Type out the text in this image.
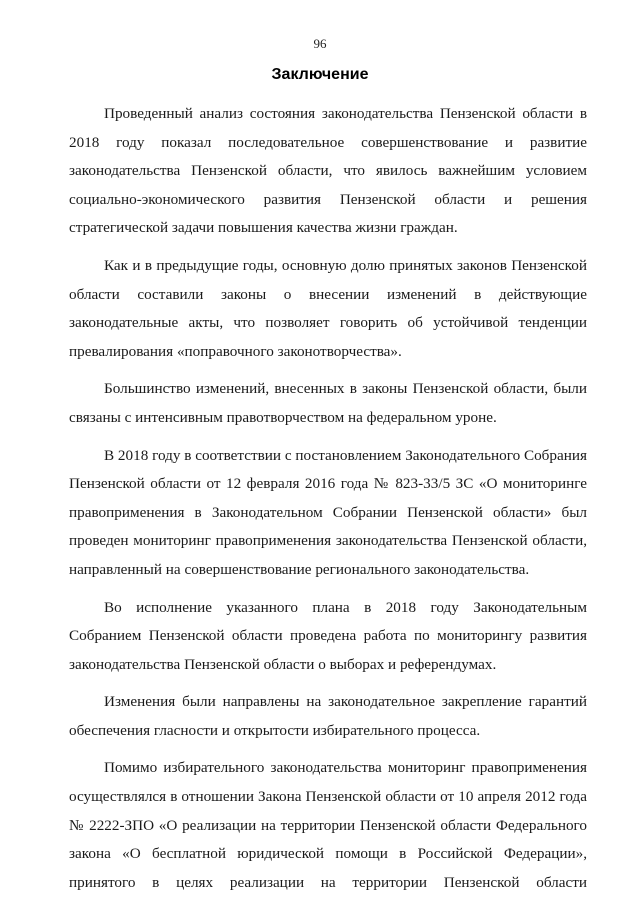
96
Заключение

Проведенный анализ состояния законодательства Пензенской области в 2018 году показал последовательное совершенствование и развитие законодательства Пензенской области, что явилось важнейшим условием социально-экономического развития Пензенской области и решения стратегической задачи повышения качества жизни граждан.

Как и в предыдущие годы, основную долю принятых законов Пензенской области составили законы о внесении изменений в действующие законодательные акты, что позволяет говорить об устойчивой тенденции превалирования «поправочного законотворчества».

Большинство изменений, внесенных в законы Пензенской области, были связаны с интенсивным правотворчеством на федеральном уроне.

В 2018 году в соответствии с постановлением Законодательного Собрания Пензенской области от 12 февраля 2016 года № 823-33/5 ЗС «О мониторинге правоприменения в Законодательном Собрании Пензенской области» был проведен мониторинг правоприменения законодательства Пензенской области, направленный на совершенствование регионального законодательства.

Во исполнение указанного плана в 2018 году Законодательным Собранием Пензенской области проведена работа по мониторингу развития законодательства Пензенской области о выборах и референдумах.

Изменения были направлены на законодательное закрепление гарантий обеспечения гласности и открытости избирательного процесса.

Помимо избирательного законодательства мониторинг правоприменения осуществлялся в отношении Закона Пензенской области от 10 апреля 2012 года № 2222-ЗПО «О реализации на территории Пензенской области Федерального закона «О бесплатной юридической помощи в Российской Федерации», принятого в целях реализации на территории Пензенской области
